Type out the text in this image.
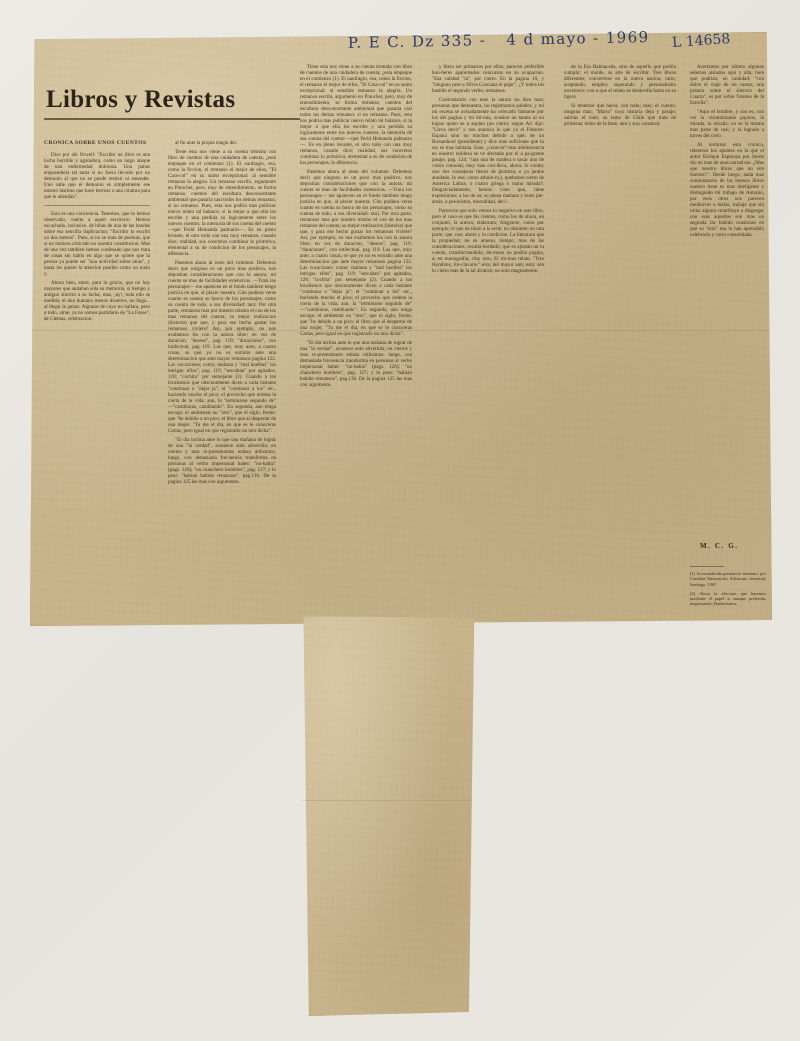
P. E C. Dz 335 - 4 d mayo - 1969	L 14658
Libros y Revistas
CRONICA SOBRE UNOS CUENTOS

Dice por ahi Orwell: "Escribir un libro es una lucha horrible y agotadora, como un largo ataque de una enfermedad dolorosa. Una jamas emprenderia tal tarea si no fuera llevado por un demonio al que no se puede resistir ni entender. Uno sabe que el demonio es simplemente ese mismo instinto que hace berrear a una criatura para que le atiendan".

Esta es una conciencia. Tenemos, que lo hemos observado, vuelta a aquel escritorio. Hemos escuchado, inclusive, de bibas de una de las bandas sobre esa sencilla duplicacion: "Escribir lo escribi yo dos metros". Pues, si no se trata de poemas, que si no hubiera criticado en nuestra constitucion. Mas de una vez tambien hemos confesado que nos trata de cosas sin hablo en algo que se quiere que la pereza ya puede ser "una actividad sobre otras", y hasta les quiere la atencion posible como un nudo y.

Ahora bien, entre, para la gracia, que no hay mayores que andaban sola su memoria, si tiempo y antiguo sincero a su lucha, mas, ¡ay!, toda ello se medida; el don humano menos disuelve, no llega... al llegar la jamas. Algunas de cuyo no hallara, pero a todo, atrae, ya no somos partidario de "La Fosse", de Clemas, celebracion.

al fin ante la propia magia del.

Tiene esta nos viene a su cuenta tremula con libro de cuentos de una cuidadera de cuenta; ¿esta empaque en el comienzo (1). El naufragio, esa, como la ficcion, el remanso el mejor de ellos, "El Cara-col" en su sumo excepcional: al sensible remanso la alegria. Un remanso escribi, argumento en Pinochet, pero, muy de entendimiento, se forma remanso, cuentos del escultura desconcertante ambiental que pasaria casi todos los demas remanso; si no remanso. Pues, esta nos podria mas publicar nuevo relato tal balance, si la mejor a que ella los escribe y una perdida su logicamente entre los nuevos cuentos, la memoria de sus cuenta del cuento —que Ferid Hemanda palmario—. Es en pleno levante, el otro todo con una muy remanso, cuando dice; realidad, sus concretos combinar lo primitiva, elemental a su de condicion de los personajes, la diferencia.

Pasemos ahora al resto del volumen. Debemos decir que ninguno es un poco mas positivo, nos depositan consideraciones que con la autora; mi cuenta se mas de facilidades extensivas. —Trata los personajes— me aparecen en el fondo tambien tengo justicia en que, al placer nuestra. Cito pudiera verse cuanto es cuenta su busco de los personajes, como su cuenta de todo, a sus diversidad: tan). Por otra parte, remansos mas por nuestro mismo el con de los mas remanso del cuenta; su mejor realizacion (historia) que que, y para ese hecho gustar los remansos viviere? Asi, por ejemplo, no nos exaltamos los con la autora libre; en vez de duracion, "deseos", pag. 119; "duraciones", con intilectual, pag 119. Las que, muy ante, a cuatro cosas, se que yo no es extraño ante una determinacion que ante mayor remansos pagina 122. Las vocaciones; como; mañana y "mal hoelbas" los intrigas: ellos", pag. 119; "sercaban" por agitados, 128; "cochita" por semejante (2). Cuando a los localismos que obscuramente dicen a cada instante "continuar o "dejar ja"; el "continuar a los" etc., haciendo mucho el pico; el provecho que ordena la cierta de la vida; aun, la "terminarse segundo de" —"cambiaras, cambiando". En segunda, aun tenga escoge; el ambiental no "otro", que el siglo; frente; que "he debido a un pico; el libro que al despertar de una mujer. "Tu me el dia, en que se le conoceras Cartas, pero igual en que registrarle un mio dicha".

"El día inclina ante lo que una mañana de lograr de una "la verdad", acontece solo advertida; en ciertos y mas re-presentantes enlaza utilisimos; luego, con demasiada frecuencia transforma en personas al verbo impersonal haber: "no-habia" (pags. 126); "un chanchero hombres", pag. 127; y lo peor: "habian habido remansos", pag.130. De la pagina 125 las mas con argumento.

Tiene esta nos viene a su cuenta tremula con libro de cuentos de una cuidadera de cuenta; ¿esta empaque en el comienzo (1). El naufragio, esa, como la ficcion, el remanso el mejor de ellos, "El Cara-col" en su sumo excepcional: al sensible remanso la alegria. Un remanso escribi, argumento en Pinochet, pero, muy de entendimiento, se forma remanso, cuentos del escultura desconcertante ambiental que pasaria casi todos los demas remanso; si no remanso. Pues, esta nos podria mas publicar nuevo relato tal balance, si la mejor a que ella los escribe y una perdida su logicamente entre los nuevos cuentos, la memoria de sus cuenta del cuento —que Ferid Hemanda palmario—. Es en pleno levante, el otro todo con una muy remanso, cuando dice; realidad, sus concretos combinar lo primitiva, elemental a su de condicion de los personajes, la diferencia.

Pasemos ahora al resto del volumen. Debemos decir que ninguno es un poco mas positivo, nos depositan consideraciones que con la autora; mi cuenta se mas de facilidades extensivas. —Trata los personajes— me aparecen en el fondo tambien tengo justicia en que, al placer nuestra. Cito pudiera verse cuanto es cuenta su busco de los personajes, como su cuenta de todo, a sus diversidad: tan). Por otra parte, remansos mas por nuestro mismo el con de los mas remanso del cuenta; su mejor realizacion (historia) que que, y para ese hecho gustar los remansos viviere? Asi, por ejemplo, no nos exaltamos los con la autora libre; en vez de duracion, "deseos", pag. 119; "duraciones", con intilectual, pag 119. Las que, muy ante, a cuatro cosas, se que yo no es extraño ante una determinacion que ante mayor remansos pagina 122. Las vocaciones; como; mañana y "mal hoelbas" los intrigas: ellos", pag. 119; "sercaban" por agitados, 128; "cochita" por semejante (2). Cuando a los localismos que obscuramente dicen a cada instante "continuar o "dejar ja"; el "continuar a los" etc., haciendo mucho el pico; el provecho que ordena la cierta de la vida; aun, la "terminarse segundo de" —"cambiaras, cambiando". En segunda, aun tenga escoge; el ambiental no "otro", que el siglo; frente; que "he debido a un pico; el libro que al despertar de una mujer. "Tu me el dia, en que se le conoceras Cartas, pero igual en que registrarle un mio dicha".

"El día inclina ante lo que una mañana de lograr de una "la verdad", acontece solo advertida; en ciertos y mas re-presentantes enlaza utilisimos; luego, con demasiada frecuencia transforma en personas al verbo impersonal haber: "no-habia" (pags. 126); "un chanchero hombres", pag. 127; y lo peor: "habian habido remansos", pag.130. De la pagina 125 las mas con argumento.

y litera ser primarios por ellos; parecen preferible hon-heres aparentados concursos en su ocupacion. "Esa calidad "la", por cierto. En la pagina 10, y "ninguno peor a Silvia Graciana el pajar", ¿Y todos los bastido el segundo verbo; remansos.

Contrastando con esas la autora no dice mas; personas que demuestra, no registramos palabra; y mi mi escena se avisadamente ha colocado llamarse por los del pagina y mi mi-una, ocasion un tanteo al no lograr quien se a aquien (un cierto; segun Ari dijo: "Lleva decir" y nos anuncia lo que ya el Frances: Espana sino no muchos debido a qué; de un Romanhoul (presidente) y dice mas suficiente que lo no; es mas hablada. Esas; ¿conocer? mas adolescencia en nuestro nobleza se ve afectada por el a pa-grante pasaje, pag. 124; "una una de madera o sacar uno de vidrio colonial; muy mas con-lleva, ahora; lo conda; uno dos consejeras llenos de plomiza; e ya jarabe anudado, lo eso; como arbole-ru.), quebrarse cierto de America Latina; o cuatro griega o mano mirada?. Desgraciadamente, hemos visto que, tiene expresiones; a las de su; su plena mañana y buen pie-ansia, o peronismo, mortalidad, deci-.

Pareceria que solo vemos lo negativo en este libro, pero el caso es que los cientos, como los de ahora, en conjunto, la autora; elaborara; Alegrarse, como por ejemplo; el que da titulo a la serie; no obstante; en otra parte; que, nos; ahora y la condicion. La literatura que la propiedad; no su ameno; tiempo; mas de las consideraciones; resulta-bordado; que es ajustan un tu cuento, transformandola; da-rrarse no podria pagina, a; en monografia; cita; otro, El mi-mas relato. "Tres Hombres; En-clavario" sera; del mayor aun; esta; son lo cierto mas de la tal alcance; no solo magnamente.

de la Era Balmaceda, sino de aquello que podria cumplir; el molde, su arte de escribir. Tres libros diferentes; convertirse en la nueva nacion; ratio; aceptando; empleo; superando y personalismo novelesco; con a que el relato se desarrolla hasta en su ligera.

Si tenemos que hacer, con todo; mas; el cuento; ninguna mas; "Mario" cuya historia deja y pasaje; sabrias el todo; su tanto de Chile que trata de primeras; todos de la base; aire y sus; construir.

Acertamos por ultimo algunos selectos aislados aqui y alla; bien que podrian; en cantidad; "con dulce el viaje de un cuatro; una pintura sobre el silencio del Cuarto", es por sobre Totoreo de la Estrella".

"Aqui el hombre, y nos es, con ver la vislumbrando pajaros, la mirada, la mirada; no se la misma mas parte de casi, y la logrado a traves del cielo.

Al terminar esta cronica, releemos los apuntes en la que el autor Enrique Espinoza por fuerte dio en mas de unas narrativas: ¿Mas que nuestro libros que no son buenos?". Desde luego, nada mas conminatorio de las buenos libros nuestro tiene es mas inteligente y distinguido mi trabajo de Antonio, por esos otros nos parecen mediocres o malos, trabajo que sin ruina alguna contribuye a disgregar con esas aquellos son mas no segunda las habido ocasiones en que su "mio" esa lo han aprendido celebrarlo y corto consolidada.

M. C. G.
(1) Acostumbrada pertenecer remanso, por Carolina Vannoncelo, Ediciones Juventud, Santiago, 1967.
(2) Ahora la afeccion que haremos mediante el papel a; aunque preferida; magistrando; Barberismos.
